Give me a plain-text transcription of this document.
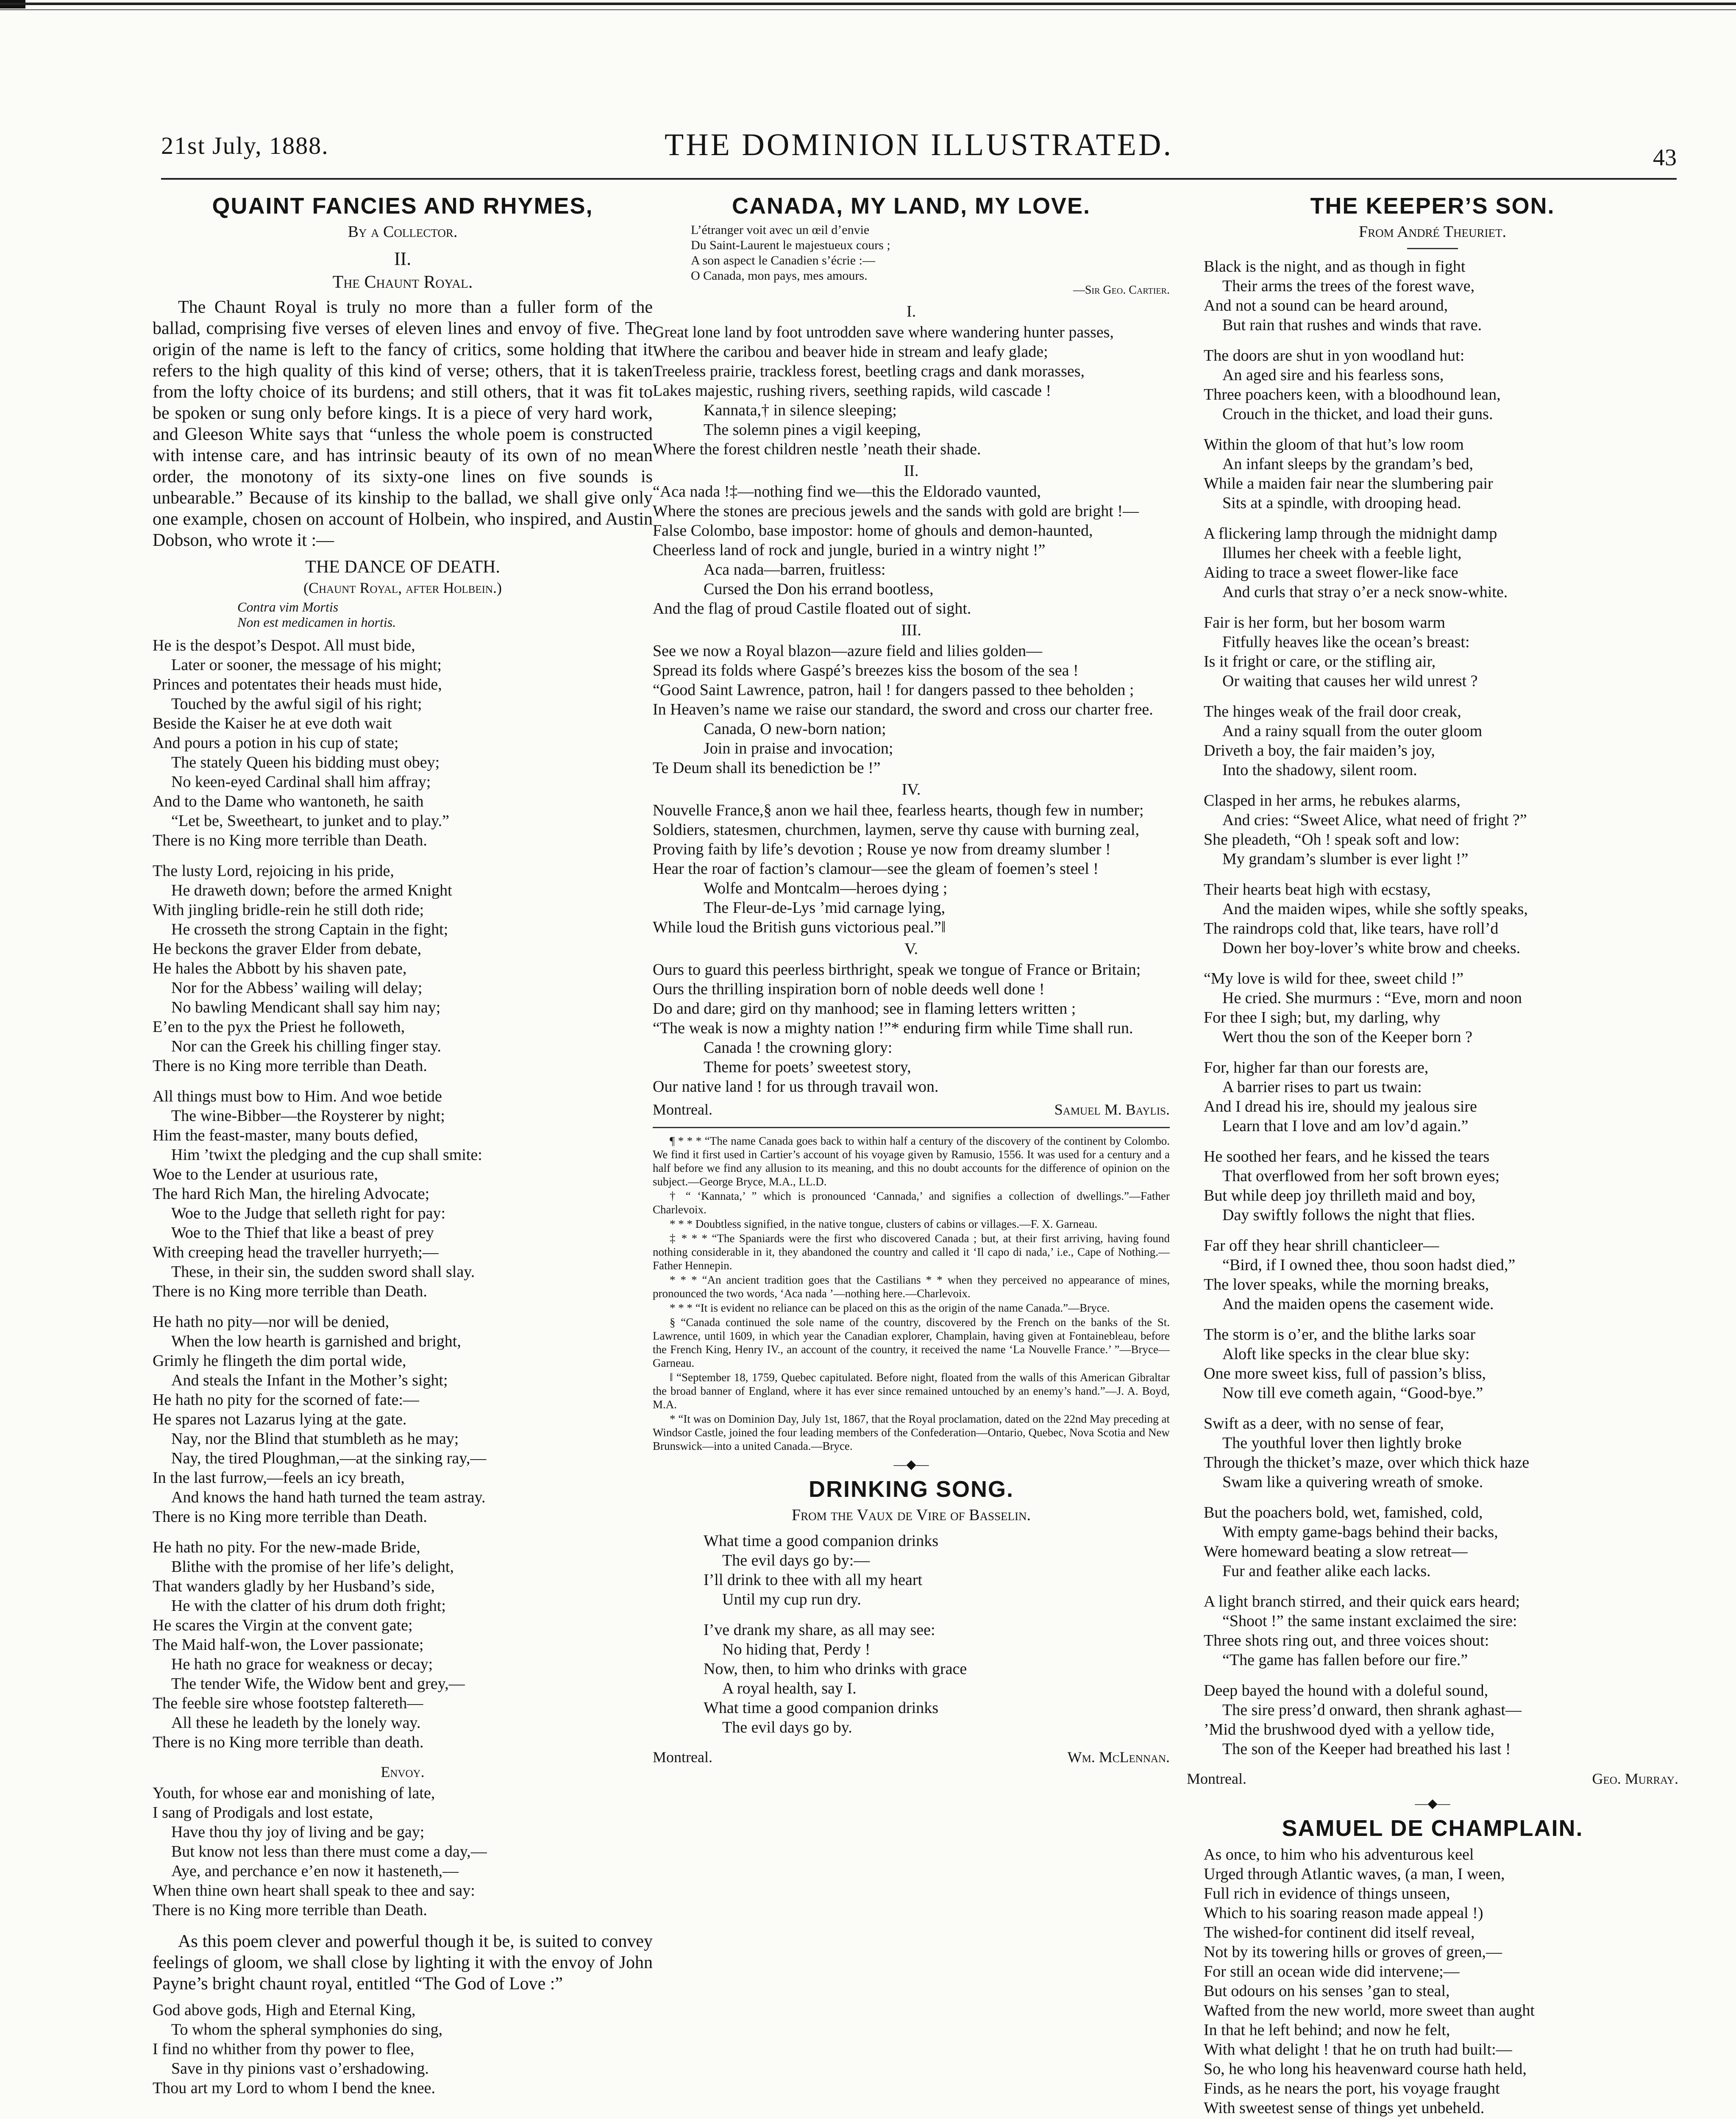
21st July, 1888.	THE DOMINION ILLUSTRATED.	43
QUAINT FANCIES AND RHYMES,
By a Collector.
II.
The Chaunt Royal.

The Chaunt Royal is truly no more than a fuller form of the ballad, comprising five verses of eleven lines and envoy of five. The origin of the name is left to the fancy of critics, some holding that it refers to the high quality of this kind of verse; others, that it is taken from the lofty choice of its burdens; and still others, that it was fit to be spoken or sung only before kings. It is a piece of very hard work, and Gleeson White says that “unless the whole poem is constructed with intense care, and has intrinsic beauty of its own of no mean order, the monotony of its sixty-one lines on five sounds is unbearable.” Because of its kinship to the ballad, we shall give only one example, chosen on account of Holbein, who inspired, and Austin Dobson, who wrote it :—

THE DANCE OF DEATH.
(Chaunt Royal, after Holbein.)
Contra vim Mortis
Non est medicamen in hortis.
He is the despot’s Despot. All must bide,
Later or sooner, the message of his might;
Princes and potentates their heads must hide,
Touched by the awful sigil of his right;
Beside the Kaiser he at eve doth wait
And pours a potion in his cup of state;
The stately Queen his bidding must obey;
No keen-eyed Cardinal shall him affray;
And to the Dame who wantoneth, he saith
“Let be, Sweetheart, to junket and to play.”
There is no King more terrible than Death.
The lusty Lord, rejoicing in his pride,
He draweth down; before the armed Knight
With jingling bridle-rein he still doth ride;
He crosseth the strong Captain in the fight;
He beckons the graver Elder from debate,
He hales the Abbott by his shaven pate,
Nor for the Abbess’ wailing will delay;
No bawling Mendicant shall say him nay;
E’en to the pyx the Priest he followeth,
Nor can the Greek his chilling finger stay.
There is no King more terrible than Death.
All things must bow to Him. And woe betide
The wine-Bibber—the Roysterer by night;
Him the feast-master, many bouts defied,
Him ’twixt the pledging and the cup shall smite:
Woe to the Lender at usurious rate,
The hard Rich Man, the hireling Advocate;
Woe to the Judge that selleth right for pay:
Woe to the Thief that like a beast of prey
With creeping head the traveller hurryeth;—
These, in their sin, the sudden sword shall slay.
There is no King more terrible than Death.
He hath no pity—nor will be denied,
When the low hearth is garnished and bright,
Grimly he flingeth the dim portal wide,
And steals the Infant in the Mother’s sight;
He hath no pity for the scorned of fate:—
He spares not Lazarus lying at the gate.
Nay, nor the Blind that stumbleth as he may;
Nay, the tired Ploughman,—at the sinking ray,—
In the last furrow,—feels an icy breath,
And knows the hand hath turned the team astray.
There is no King more terrible than Death.
He hath no pity. For the new-made Bride,
Blithe with the promise of her life’s delight,
That wanders gladly by her Husband’s side,
He with the clatter of his drum doth fright;
He scares the Virgin at the convent gate;
The Maid half-won, the Lover passionate;
He hath no grace for weakness or decay;
The tender Wife, the Widow bent and grey,—
The feeble sire whose footstep faltereth—
All these he leadeth by the lonely way.
There is no King more terrible than death.
Envoy.
Youth, for whose ear and monishing of late,
I sang of Prodigals and lost estate,
Have thou thy joy of living and be gay;
But know not less than there must come a day,—
Aye, and perchance e’en now it hasteneth,—
When thine own heart shall speak to thee and say:
There is no King more terrible than Death.

As this poem clever and powerful though it be, is suited to convey feelings of gloom, we shall close by lighting it with the envoy of John Payne’s bright chaunt royal, entitled “The God of Love :”

God above gods, High and Eternal King,
To whom the spheral symphonies do sing,
I find no whither from thy power to flee,
Save in thy pinions vast o’ershadowing.
Thou art my Lord to whom I bend the knee.
CANADA, MY LAND, MY LOVE.
L’étranger voit avec un œil d’envie
Du Saint-Laurent le majestueux cours ;
A son aspect le Canadien s’écrie :—
O Canada, mon pays, mes amours.
—Sir Geo. Cartier.
I.
Great lone land by foot untrodden save where wandering hunter passes,
Where the caribou and beaver hide in stream and leafy glade;
Treeless prairie, trackless forest, beetling crags and dank morasses,
Lakes majestic, rushing rivers, seething rapids, wild cascade !
Kannata,† in silence sleeping;
The solemn pines a vigil keeping,
Where the forest children nestle ’neath their shade.
II.
“Aca nada !‡—nothing find we—this the Eldorado vaunted,
Where the stones are precious jewels and the sands with gold are bright !—
False Colombo, base impostor: home of ghouls and demon-haunted,
Cheerless land of rock and jungle, buried in a wintry night !”
Aca nada—barren, fruitless:
Cursed the Don his errand bootless,
And the flag of proud Castile floated out of sight.
III.
See we now a Royal blazon—azure field and lilies golden—
Spread its folds where Gaspé’s breezes kiss the bosom of the sea !
“Good Saint Lawrence, patron, hail ! for dangers passed to thee beholden ;
In Heaven’s name we raise our standard, the sword and cross our charter free.
Canada, O new-born nation;
Join in praise and invocation;
Te Deum shall its benediction be !”
IV.
Nouvelle France,§ anon we hail thee, fearless hearts, though few in number;
Soldiers, statesmen, churchmen, laymen, serve thy cause with burning zeal,
Proving faith by life’s devotion ; Rouse ye now from dreamy slumber !
Hear the roar of faction’s clamour—see the gleam of foemen’s steel !
Wolfe and Montcalm—heroes dying ;
The Fleur-de-Lys ’mid carnage lying,
While loud the British guns victorious peal.”‖
V.
Ours to guard this peerless birthright, speak we tongue of France or Britain;
Ours the thrilling inspiration born of noble deeds well done !
Do and dare; gird on thy manhood; see in flaming letters written ;
“The weak is now a mighty nation !”* enduring firm while Time shall run.
Canada ! the crowning glory:
Theme for poets’ sweetest story,
Our native land ! for us through travail won.
Montreal.	Samuel M. Baylis.

¶ * * * “The name Canada goes back to within half a century of the discovery of the continent by Colombo. We find it first used in Cartier’s account of his voyage given by Ramusio, 1556. It was used for a century and a half before we find any allusion to its meaning, and this no doubt accounts for the difference of opinion on the subject.—George Bryce, M.A., LL.D.

† “ ‘Kannata,’ ” which is pronounced ‘Cannada,’ and signifies a collection of dwellings.”—Father Charlevoix.

* * * Doubtless signified, in the native tongue, clusters of cabins or villages.—F. X. Garneau.

‡ * * * “The Spaniards were the first who discovered Canada ; but, at their first arriving, having found nothing considerable in it, they abandoned the country and called it ‘Il capo di nada,’ i.e., Cape of Nothing.—Father Hennepin.

* * * “An ancient tradition goes that the Castilians * * when they perceived no appearance of mines, pronounced the two words, ‘Aca nada ’—nothing here.—Charlevoix.

* * * “It is evident no reliance can be placed on this as the origin of the name Canada.”—Bryce.

§ “Canada continued the sole name of the country, discovered by the French on the banks of the St. Lawrence, until 1609, in which year the Canadian explorer, Champlain, having given at Fontainebleau, before the French King, Henry IV., an account of the country, it received the name ‘La Nouvelle France.’ ”—Bryce—Garneau.

‖ “September 18, 1759, Quebec capitulated. Before night, floated from the walls of this American Gibraltar the broad banner of England, where it has ever since remained untouched by an enemy’s hand.”—J. A. Boyd, M.A.

* “It was on Dominion Day, July 1st, 1867, that the Royal proclamation, dated on the 22nd May preceding at Windsor Castle, joined the four leading members of the Confederation—Ontario, Quebec, Nova Scotia and New Brunswick—into a united Canada.—Bryce.

—◆—
DRINKING SONG.
From the Vaux de Vire of Basselin.
What time a good companion drinks
The evil days go by:—
I’ll drink to thee with all my heart
Until my cup run dry.
I’ve drank my share, as all may see:
No hiding that, Perdy !
Now, then, to him who drinks with grace
A royal health, say I.
What time a good companion drinks
The evil days go by.
Montreal.	Wm. McLennan.
THE KEEPER’S SON.
From André Theuriet.
Black is the night, and as though in fight
Their arms the trees of the forest wave,
And not a sound can be heard around,
But rain that rushes and winds that rave.
The doors are shut in yon woodland hut:
An aged sire and his fearless sons,
Three poachers keen, with a bloodhound lean,
Crouch in the thicket, and load their guns.
Within the gloom of that hut’s low room
An infant sleeps by the grandam’s bed,
While a maiden fair near the slumbering pair
Sits at a spindle, with drooping head.
A flickering lamp through the midnight damp
Illumes her cheek with a feeble light,
Aiding to trace a sweet flower-like face
And curls that stray o’er a neck snow-white.
Fair is her form, but her bosom warm
Fitfully heaves like the ocean’s breast:
Is it fright or care, or the stifling air,
Or waiting that causes her wild unrest ?
The hinges weak of the frail door creak,
And a rainy squall from the outer gloom
Driveth a boy, the fair maiden’s joy,
Into the shadowy, silent room.
Clasped in her arms, he rebukes alarms,
And cries: “Sweet Alice, what need of fright ?”
She pleadeth, “Oh ! speak soft and low:
My grandam’s slumber is ever light !”
Their hearts beat high with ecstasy,
And the maiden wipes, while she softly speaks,
The raindrops cold that, like tears, have roll’d
Down her boy-lover’s white brow and cheeks.
“My love is wild for thee, sweet child !”
He cried. She murmurs : “Eve, morn and noon
For thee I sigh; but, my darling, why
Wert thou the son of the Keeper born ?
For, higher far than our forests are,
A barrier rises to part us twain:
And I dread his ire, should my jealous sire
Learn that I love and am lov’d again.”
He soothed her fears, and he kissed the tears
That overflowed from her soft brown eyes;
But while deep joy thrilleth maid and boy,
Day swiftly follows the night that flies.
Far off they hear shrill chanticleer—
“Bird, if I owned thee, thou soon hadst died,”
The lover speaks, while the morning breaks,
And the maiden opens the casement wide.
The storm is o’er, and the blithe larks soar
Aloft like specks in the clear blue sky:
One more sweet kiss, full of passion’s bliss,
Now till eve cometh again, “Good-bye.”
Swift as a deer, with no sense of fear,
The youthful lover then lightly broke
Through the thicket’s maze, over which thick haze
Swam like a quivering wreath of smoke.
But the poachers bold, wet, famished, cold,
With empty game-bags behind their backs,
Were homeward beating a slow retreat—
Fur and feather alike each lacks.
A light branch stirred, and their quick ears heard;
“Shoot !” the same instant exclaimed the sire:
Three shots ring out, and three voices shout:
“The game has fallen before our fire.”
Deep bayed the hound with a doleful sound,
The sire press’d onward, then shrank aghast—
’Mid the brushwood dyed with a yellow tide,
The son of the Keeper had breathed his last !
Montreal.	Geo. Murray.
—◆—
SAMUEL DE CHAMPLAIN.
As once, to him who his adventurous keel
Urged through Atlantic waves, (a man, I ween,
Full rich in evidence of things unseen,
Which to his soaring reason made appeal !)
The wished-for continent did itself reveal,
Not by its towering hills or groves of green,—
For still an ocean wide did intervene;—
But odours on his senses ’gan to steal,
Wafted from the new world, more sweet than aught
In that he left behind; and now he felt,
With what delight ! that he on truth had built:—
So, he who long his heavenward course hath held,
Finds, as he nears the port, his voyage fraught
With sweetest sense of things yet unbeheld.
